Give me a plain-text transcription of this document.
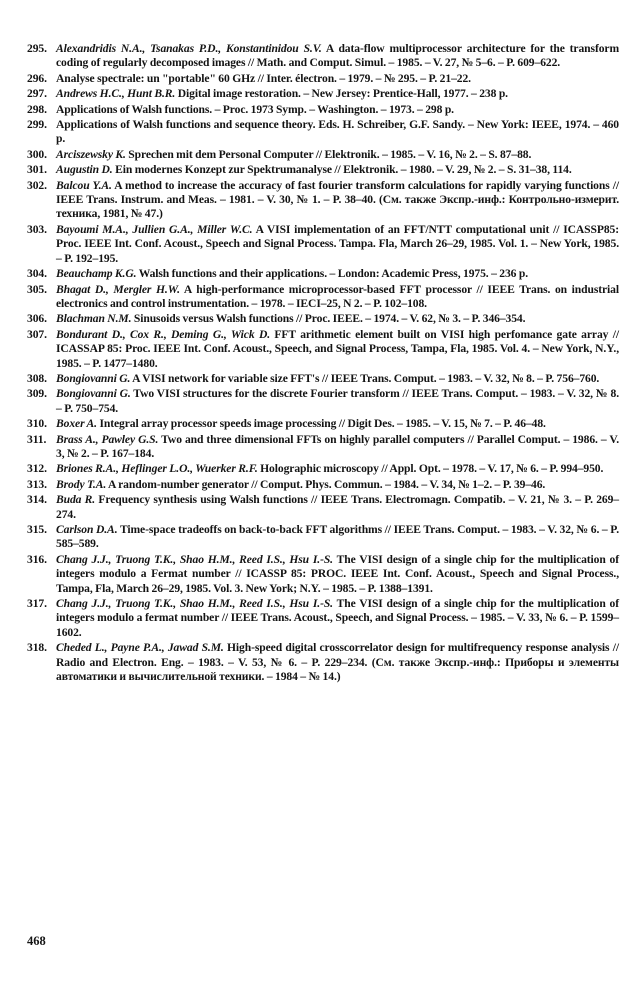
295. Alexandridis N.A., Tsanakas P.D., Konstantinidou S.V. A data-flow multiprocessor architecture for the transform coding of regularly decomposed images // Math. and Comput. Simul. – 1985. – V. 27, № 5–6. – P. 609–622.
296. Analyse spectrale: un "portable" 60 GHz // Inter. électron. – 1979. – № 295. – P. 21–22.
297. Andrews H.C., Hunt B.R. Digital image restoration. – New Jersey: Prentice-Hall, 1977. – 238 p.
298. Applications of Walsh functions. – Proc. 1973 Symp. – Washington. – 1973. – 298 p.
299. Applications of Walsh functions and sequence theory. Eds. H. Schreiber, G.F. Sandy. – New York: IEEE, 1974. – 460 p.
300. Arciszewsky K. Sprechen mit dem Personal Computer // Elektronik. – 1985. – V. 16, № 2. – S. 87–88.
301. Augustin D. Ein modernes Konzept zur Spektrumanalyse // Elektronik. – 1980. – V. 29, № 2. – S. 31–38, 114.
302. Balcou Y.A. A method to increase the accuracy of fast fourier transform calculations for rapidly varying functions // IEEE Trans. Instrum. and Meas. – 1981. – V. 30, № 1. – P. 38–40. (См. также Экспр.-инф.: Контрольно-измерит. техника, 1981, № 47.)
303. Bayoumi M.A., Jullien G.A., Miller W.C. A VISI implementation of an FFT/NTT computational unit // ICASSP85: Proc. IEEE Int. Conf. Acoust., Speech and Signal Process. Tampa. Fla, March 26–29, 1985. Vol. 1. – New York, 1985. – P. 192–195.
304. Beauchamp K.G. Walsh functions and their applications. – London: Academic Press, 1975. – 236 p.
305. Bhagat D., Mergler H.W. A high-performance microprocessor-based FFT processor // IEEE Trans. on industrial electronics and control instrumentation. – 1978. – IECI–25, N 2. – P. 102–108.
306. Blachman N.M. Sinusoids versus Walsh functions // Proc. IEEE. – 1974. – V. 62, № 3. – P. 346–354.
307. Bondurant D., Cox R., Deming G., Wick D. FFT arithmetic element built on VISI high perfomance gate array // ICASSAP 85: Proc. IEEE Int. Conf. Acoust., Speech, and Signal Process, Tampa, Fla, 1985. Vol. 4. – New York, N.Y., 1985. – P. 1477–1480.
308. Bongiovanni G. A VISI network for variable size FFT's // IEEE Trans. Comput. – 1983. – V. 32, № 8. – P. 756–760.
309. Bongiovanni G. Two VISI structures for the discrete Fourier transform // IEEE Trans. Comput. – 1983. – V. 32, № 8. – P. 750–754.
310. Boxer A. Integral array processor speeds image processing // Digit Des. – 1985. – V. 15, № 7. – P. 46–48.
311. Brass A., Pawley G.S. Two and three dimensional FFTs on highly parallel computers // Parallel Comput. – 1986. – V. 3, № 2. – P. 167–184.
312. Briones R.A., Heflinger L.O., Wuerker R.F. Holographic microscopy // Appl. Opt. – 1978. – V. 17, № 6. – P. 994–950.
313. Brody T.A. A random-number generator // Comput. Phys. Commun. – 1984. – V. 34, № 1–2. – P. 39–46.
314. Buda R. Frequency synthesis using Walsh functions // IEEE Trans. Electromagn. Compatib. – V. 21, № 3. – P. 269–274.
315. Carlson D.A. Time-space tradeoffs on back-to-back FFT algorithms // IEEE Trans. Comput. – 1983. – V. 32, № 6. – P. 585–589.
316. Chang J.J., Truong T.K., Shao H.M., Reed I.S., Hsu I.-S. The VISI design of a single chip for the multiplication of integers modulo a Fermat number // ICASSP 85: PROC. IEEE Int. Conf. Acoust., Speech and Signal Process., Tampa, Fla, March 26–29, 1985. Vol. 3. New York; N.Y. – 1985. – P. 1388–1391.
317. Chang J.J., Truong T.K., Shao H.M., Reed I.S., Hsu I.-S. The VISI design of a single chip for the multiplication of integers modulo a fermat number // IEEE Trans. Acoust., Speech, and Signal Process. – 1985. – V. 33, № 6. – P. 1599–1602.
318. Cheded L., Payne P.A., Jawad S.M. High-speed digital crosscorrelator design for multifrequency response analysis // Radio and Electron. Eng. – 1983. – V. 53, № 6. – P. 229–234. (См. также Экспр.-инф.: Приборы и элементы автоматики и вычислительной техники. – 1984 – № 14.)
468
